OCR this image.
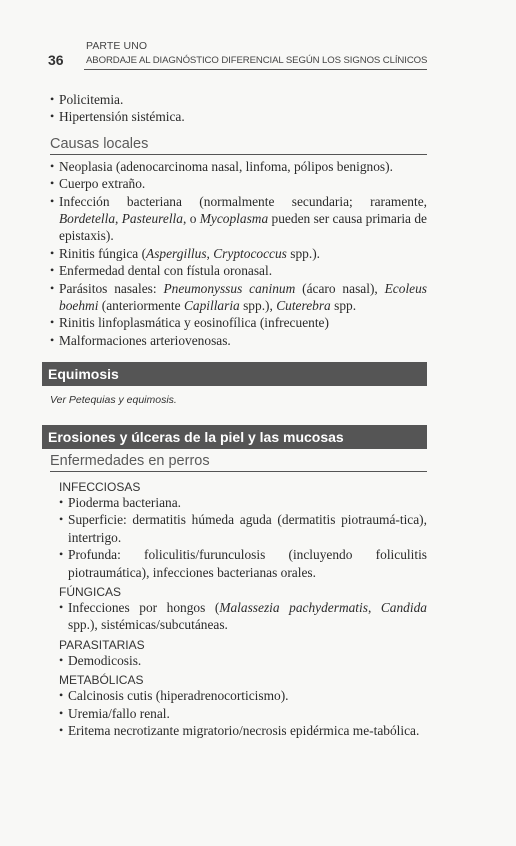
36
PARTE UNO
ABORDAJE AL DIAGNÓSTICO DIFERENCIAL SEGÚN LOS SIGNOS CLÍNICOS
• Policitemia.
• Hipertensión sistémica.
Causas locales
• Neoplasia (adenocarcinoma nasal, linfoma, pólipos benignos).
• Cuerpo extraño.
• Infección bacteriana (normalmente secundaria; raramente, Bordetella, Pasteurella, o Mycoplasma pueden ser causa primaria de epistaxis).
• Rinitis fúngica (Aspergillus, Cryptococcus spp.).
• Enfermedad dental con fístula oronasal.
• Parásitos nasales: Pneumonyssus caninum (ácaro nasal), Ecoleus boehmi (anteriormente Capillaria spp.), Cuterebra spp.
• Rinitis linfoplasmática y eosinofílica (infrecuente)
• Malformaciones arteriovenosas.
Equimosis
Ver Petequias y equimosis.
Erosiones y úlceras de la piel y las mucosas
Enfermedades en perros

INFECCIOSAS

• Pioderma bacteriana.
• Superficie: dermatitis húmeda aguda (dermatitis piotraumá-tica), intertrigo.
• Profunda: foliculitis/furunculosis (incluyendo foliculitis piotraumática), infecciones bacterianas orales.

FÚNGICAS

• Infecciones por hongos (Malassezia pachydermatis, Candida spp.), sistémicas/subcutáneas.

PARASITARIAS

• Demodicosis.

METABÓLICAS

• Calcinosis cutis (hiperadrenocorticismo).
• Uremia/fallo renal.
• Eritema necrotizante migratorio/necrosis epidérmica me-tabólica.
